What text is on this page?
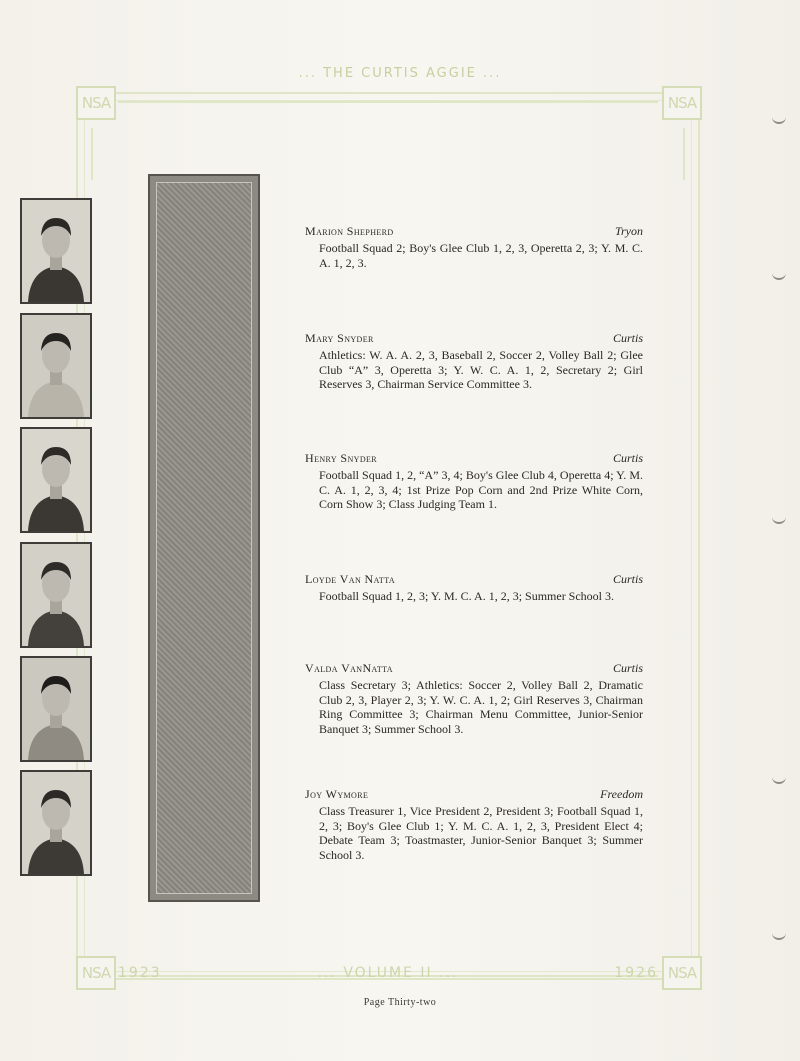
... THE CURTIS AGGIE ...
NSA	NSA
NSA	NSA
1923	... VOLUME II ...	1926
Page Thirty-two
Marion Shepherd	Tryon
Football Squad 2; Boy's Glee Club 1, 2, 3, Operetta 2, 3; Y. M. C. A. 1, 2, 3.
Mary Snyder	Curtis
Athletics: W. A. A. 2, 3, Baseball 2, Soccer 2, Volley Ball 2; Glee Club “A” 3, Operetta 3; Y. W. C. A. 1, 2, Secretary 2; Girl Reserves 3, Chairman Service Committee 3.
Henry Snyder	Curtis
Football Squad 1, 2, “A” 3, 4; Boy's Glee Club 4, Operetta 4; Y. M. C. A. 1, 2, 3, 4; 1st Prize Pop Corn and 2nd Prize White Corn, Corn Show 3; Class Judging Team 1.
Loyde Van Natta	Curtis
Football Squad 1, 2, 3; Y. M. C. A. 1, 2, 3; Summer School 3.
Valda VanNatta	Curtis
Class Secretary 3; Athletics: Soccer 2, Volley Ball 2, Dramatic Club 2, 3, Player 2, 3; Y. W. C. A. 1, 2; Girl Reserves 3, Chairman Ring Committee 3; Chairman Menu Committee, Junior-Senior Banquet 3; Summer School 3.
Joy Wymore	Freedom
Class Treasurer 1, Vice President 2, President 3; Football Squad 1, 2, 3; Boy's Glee Club 1; Y. M. C. A. 1, 2, 3, President Elect 4; Debate Team 3; Toastmaster, Junior-Senior Banquet 3; Summer School 3.
